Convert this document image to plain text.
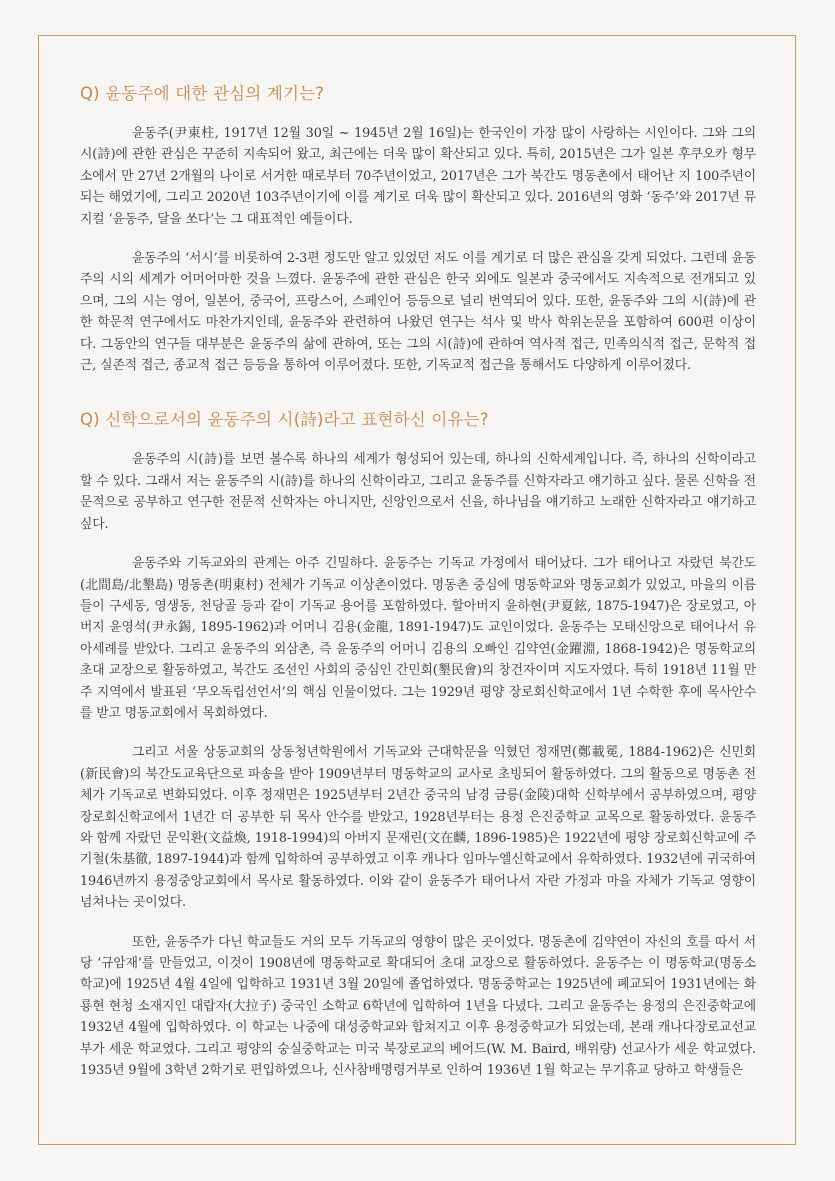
Q) 윤동주에 대한 관심의 계기는?

윤동주(尹東柱, 1917년 12월 30일 ~ 1945년 2월 16일)는 한국인이 가장 많이 사랑하는 시인이다. 그와 그의 시(詩)에 관한 관심은 꾸준히 지속되어 왔고, 최근에는 더욱 많이 확산되고 있다. 특히, 2015년은 그가 일본 후쿠오카 형무소에서 만 27년 2개월의 나이로 서거한 때로부터 70주년이었고, 2017년은 그가 북간도 명동촌에서 태어난 지 100주년이 되는 해였기에, 그리고 2020년 103주년이기에 이를 계기로 더욱 많이 확산되고 있다. 2016년의 영화 ‘동주’와 2017년 뮤지컬 ‘윤동주, 달을 쏘다’는 그 대표적인 예들이다.

윤동주의 ‘서시’를 비롯하여 2-3편 정도만 알고 있었던 저도 이를 계기로 더 많은 관심을 갖게 되었다. 그런데 윤동주의 시의 세계가 어머어마한 것을 느꼈다. 윤동주에 관한 관심은 한국 외에도 일본과 중국에서도 지속적으로 전개되고 있으며, 그의 시는 영어, 일본어, 중국어, 프랑스어, 스페인어 등등으로 널리 번역되어 있다. 또한, 윤동주와 그의 시(詩)에 관한 학문적 연구에서도 마찬가지인데, 윤동주와 관련하여 나왔던 연구는 석사 및 박사 학위논문을 포함하여 600편 이상이다. 그동안의 연구들 대부분은 윤동주의 삶에 관하여, 또는 그의 시(詩)에 관하여 역사적 접근, 민족의식적 접근, 문학적 접근, 실존적 접근, 종교적 접근 등등을 통하여 이루어졌다. 또한, 기독교적 접근을 통해서도 다양하게 이루어졌다.

Q) 신학으로서의 윤동주의 시(詩)라고 표현하신 이유는?

윤동주의 시(詩)를 보면 볼수록 하나의 세계가 형성되어 있는데, 하나의 신학세계입니다. 즉, 하나의 신학이라고 할 수 있다. 그래서 저는 윤동주의 시(詩)를 하나의 신학이라고, 그리고 윤동주를 신학자라고 얘기하고 싶다. 물론 신학을 전문적으로 공부하고 연구한 전문적 신학자는 아니지만, 신앙인으로서 신을, 하나님을 얘기하고 노래한 신학자라고 얘기하고 싶다.

윤동주와 기독교와의 관계는 아주 긴밀하다. 윤동주는 기독교 가정에서 태어났다. 그가 태어나고 자랐던 북간도(北間島/北墾島) 명동촌(明東村) 전체가 기독교 이상촌이었다. 명동촌 중심에 명동학교와 명동교회가 있었고, 마을의 이름들이 구세동, 영생동, 천당골 등과 같이 기독교 용어를 포함하였다. 할아버지 윤하현(尹夏鉉, 1875-1947)은 장로였고, 아버지 윤영석(尹永錫, 1895-1962)과 어머니 김용(金龍, 1891-1947)도 교인이었다. 윤동주는 모태신앙으로 태어나서 유아세례를 받았다. 그리고 윤동주의 외삼촌, 즉 윤동주의 어머니 김용의 오빠인 김약연(金躍淵, 1868-1942)은 명동학교의 초대 교장으로 활동하였고, 북간도 조선인 사회의 중심인 간민회(墾民會)의 창건자이며 지도자였다. 특히 1918년 11월 만주 지역에서 발표된 ‘무오독립선언서’의 핵심 인물이었다. 그는 1929년 평양 장로회신학교에서 1년 수학한 후에 목사안수를 받고 명동교회에서 목회하였다.

그리고 서울 상동교회의 상동청년학원에서 기독교와 근대학문을 익혔던 정재면(鄭載冕, 1884-1962)은 신민회(新民會)의 북간도교육단으로 파송을 받아 1909년부터 명동학교의 교사로 초빙되어 활동하였다. 그의 활동으로 명동촌 전체가 기독교로 변화되었다. 이후 정재면은 1925년부터 2년간 중국의 남경 금릉(金陵)대학 신학부에서 공부하였으며, 평양 장로회신학교에서 1년간 더 공부한 뒤 목사 안수를 받았고, 1928년부터는 용정 은진중학교 교목으로 활동하였다. 윤동주와 함께 자랐던 문익환(文益煥, 1918-1994)의 아버지 문재린(文在麟, 1896-1985)은 1922년에 평양 장로회신학교에 주기철(朱基徹, 1897-1944)과 함께 입학하여 공부하였고 이후 캐나다 임마누엘신학교에서 유학하였다. 1932년에 귀국하여 1946년까지 용정중앙교회에서 목사로 활동하였다. 이와 같이 윤동주가 태어나서 자란 가정과 마을 자체가 기독교 영향이 넘쳐나는 곳이었다.

또한, 윤동주가 다닌 학교들도 거의 모두 기독교의 영향이 많은 곳이었다. 명동촌에 김약연이 자신의 호를 따서 서당 ‘규암재’를 만들었고, 이것이 1908년에 명동학교로 확대되어 초대 교장으로 활동하였다. 윤동주는 이 명동학교(명동소학교)에 1925년 4월 4일에 입학하고 1931년 3월 20일에 졸업하였다. 명동중학교는 1925년에 폐교되어 1931년에는 화룡현 현청 소재지인 대랍자(大拉子) 중국인 소학교 6학년에 입학하여 1년을 다녔다. 그리고 윤동주는 용정의 은진중학교에 1932년 4월에 입학하였다. 이 학교는 나중에 대성중학교와 합쳐지고 이후 용정중학교가 되었는데, 본래 캐나다장로교선교부가 세운 학교였다. 그리고 평양의 숭실중학교는 미국 북장로교의 베어드(W. M. Baird, 배위량) 선교사가 세운 학교였다. 1935년 9월에 3학년 2학기로 편입하였으나, 신사참배명령거부로 인하여 1936년 1월 학교는 무기휴교 당하고 학생들은
